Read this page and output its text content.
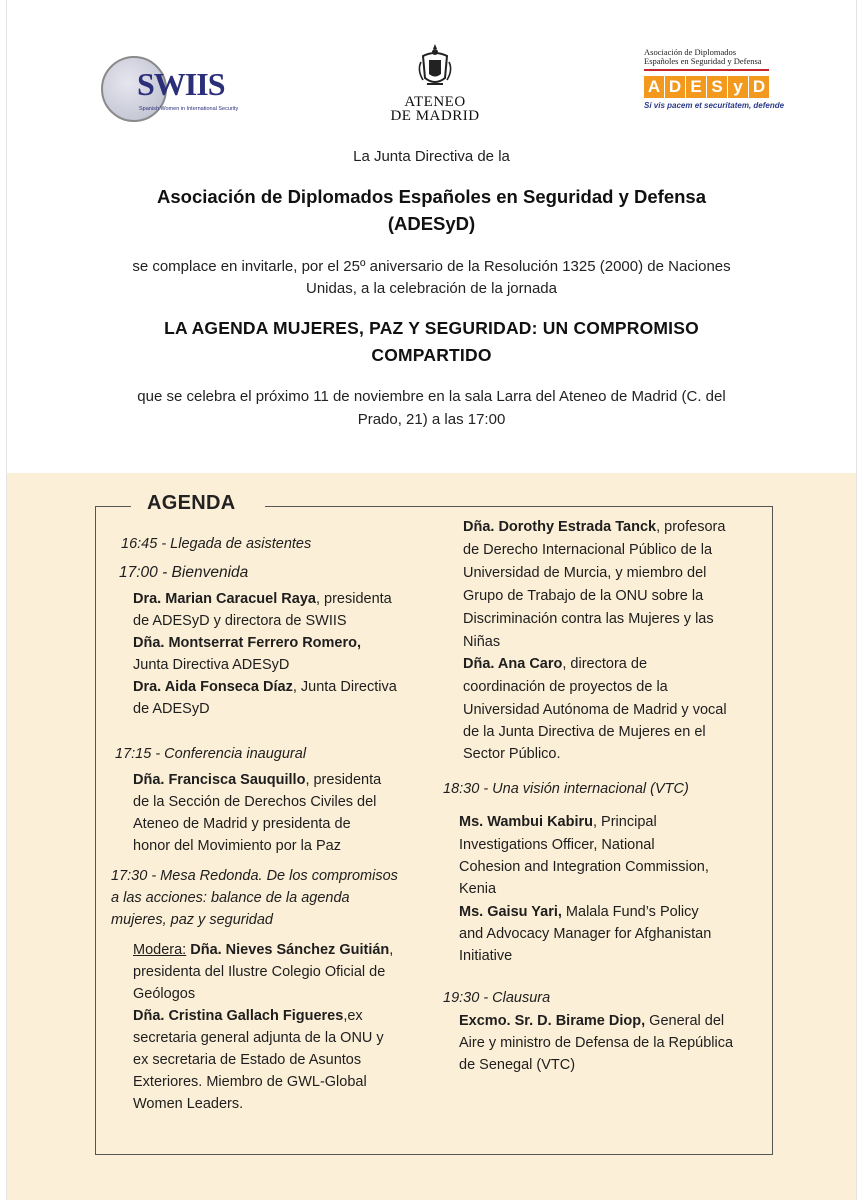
SWIIS
Spanish Women in International Security	ATENEO
DE MADRID
Asociación de Diplomados
Españoles en Seguridad y Defensa
A D E S y D
Si vis pacem et securitatem, defende
La Junta Directiva de la
Asociación de Diplomados Españoles en Seguridad y Defensa
(ADESyD)
se complace en invitarle, por el 25º aniversario de la Resolución 1325 (2000) de Naciones
Unidas, a la celebración de la jornada
LA AGENDA MUJERES, PAZ Y SEGURIDAD: UN COMPROMISO
COMPARTIDO
que se celebra el próximo 11 de noviembre en la sala Larra del Ateneo de Madrid (C. del
Prado, 21) a las 17:00
AGENDA
16:45 - Llegada de asistentes
17:00 - Bienvenida
Dra. Marian Caracuel Raya, presidenta
de ADESyD y directora de SWIIS
Dña. Montserrat Ferrero Romero,
Junta Directiva ADESyD
Dra. Aida Fonseca Díaz, Junta Directiva
de ADESyD
17:15 - Conferencia inaugural
Dña. Francisca Sauquillo, presidenta
de la Sección de Derechos Civiles del
Ateneo de Madrid y presidenta de
honor del Movimiento por la Paz
17:30 - Mesa Redonda. De los compromisos
a las acciones: balance de la agenda
mujeres, paz y seguridad
Modera: Dña. Nieves Sánchez Guitián,
presidenta del Ilustre Colegio Oficial de
Geólogos
Dña. Cristina Gallach Figueres,ex
secretaria general adjunta de la ONU y
ex secretaria de Estado de Asuntos
Exteriores. Miembro de GWL-Global
Women Leaders.
Dña. Dorothy Estrada Tanck, profesora
de Derecho Internacional Público de la
Universidad de Murcia, y miembro del
Grupo de Trabajo de la ONU sobre la
Discriminación contra las Mujeres y las
Niñas
Dña. Ana Caro, directora de
coordinación de proyectos de la
Universidad Autónoma de Madrid y vocal
de la Junta Directiva de Mujeres en el
Sector Público.
18:30 - Una visión internacional (VTC)
Ms. Wambui Kabiru, Principal
Investigations Officer, National
Cohesion and Integration Commission,
Kenia
Ms. Gaisu Yari, Malala Fund’s Policy
and Advocacy Manager for Afghanistan
Initiative
19:30 - Clausura
Excmo. Sr. D. Birame Diop, General del
Aire y ministro de Defensa de la República
de Senegal (VTC)
